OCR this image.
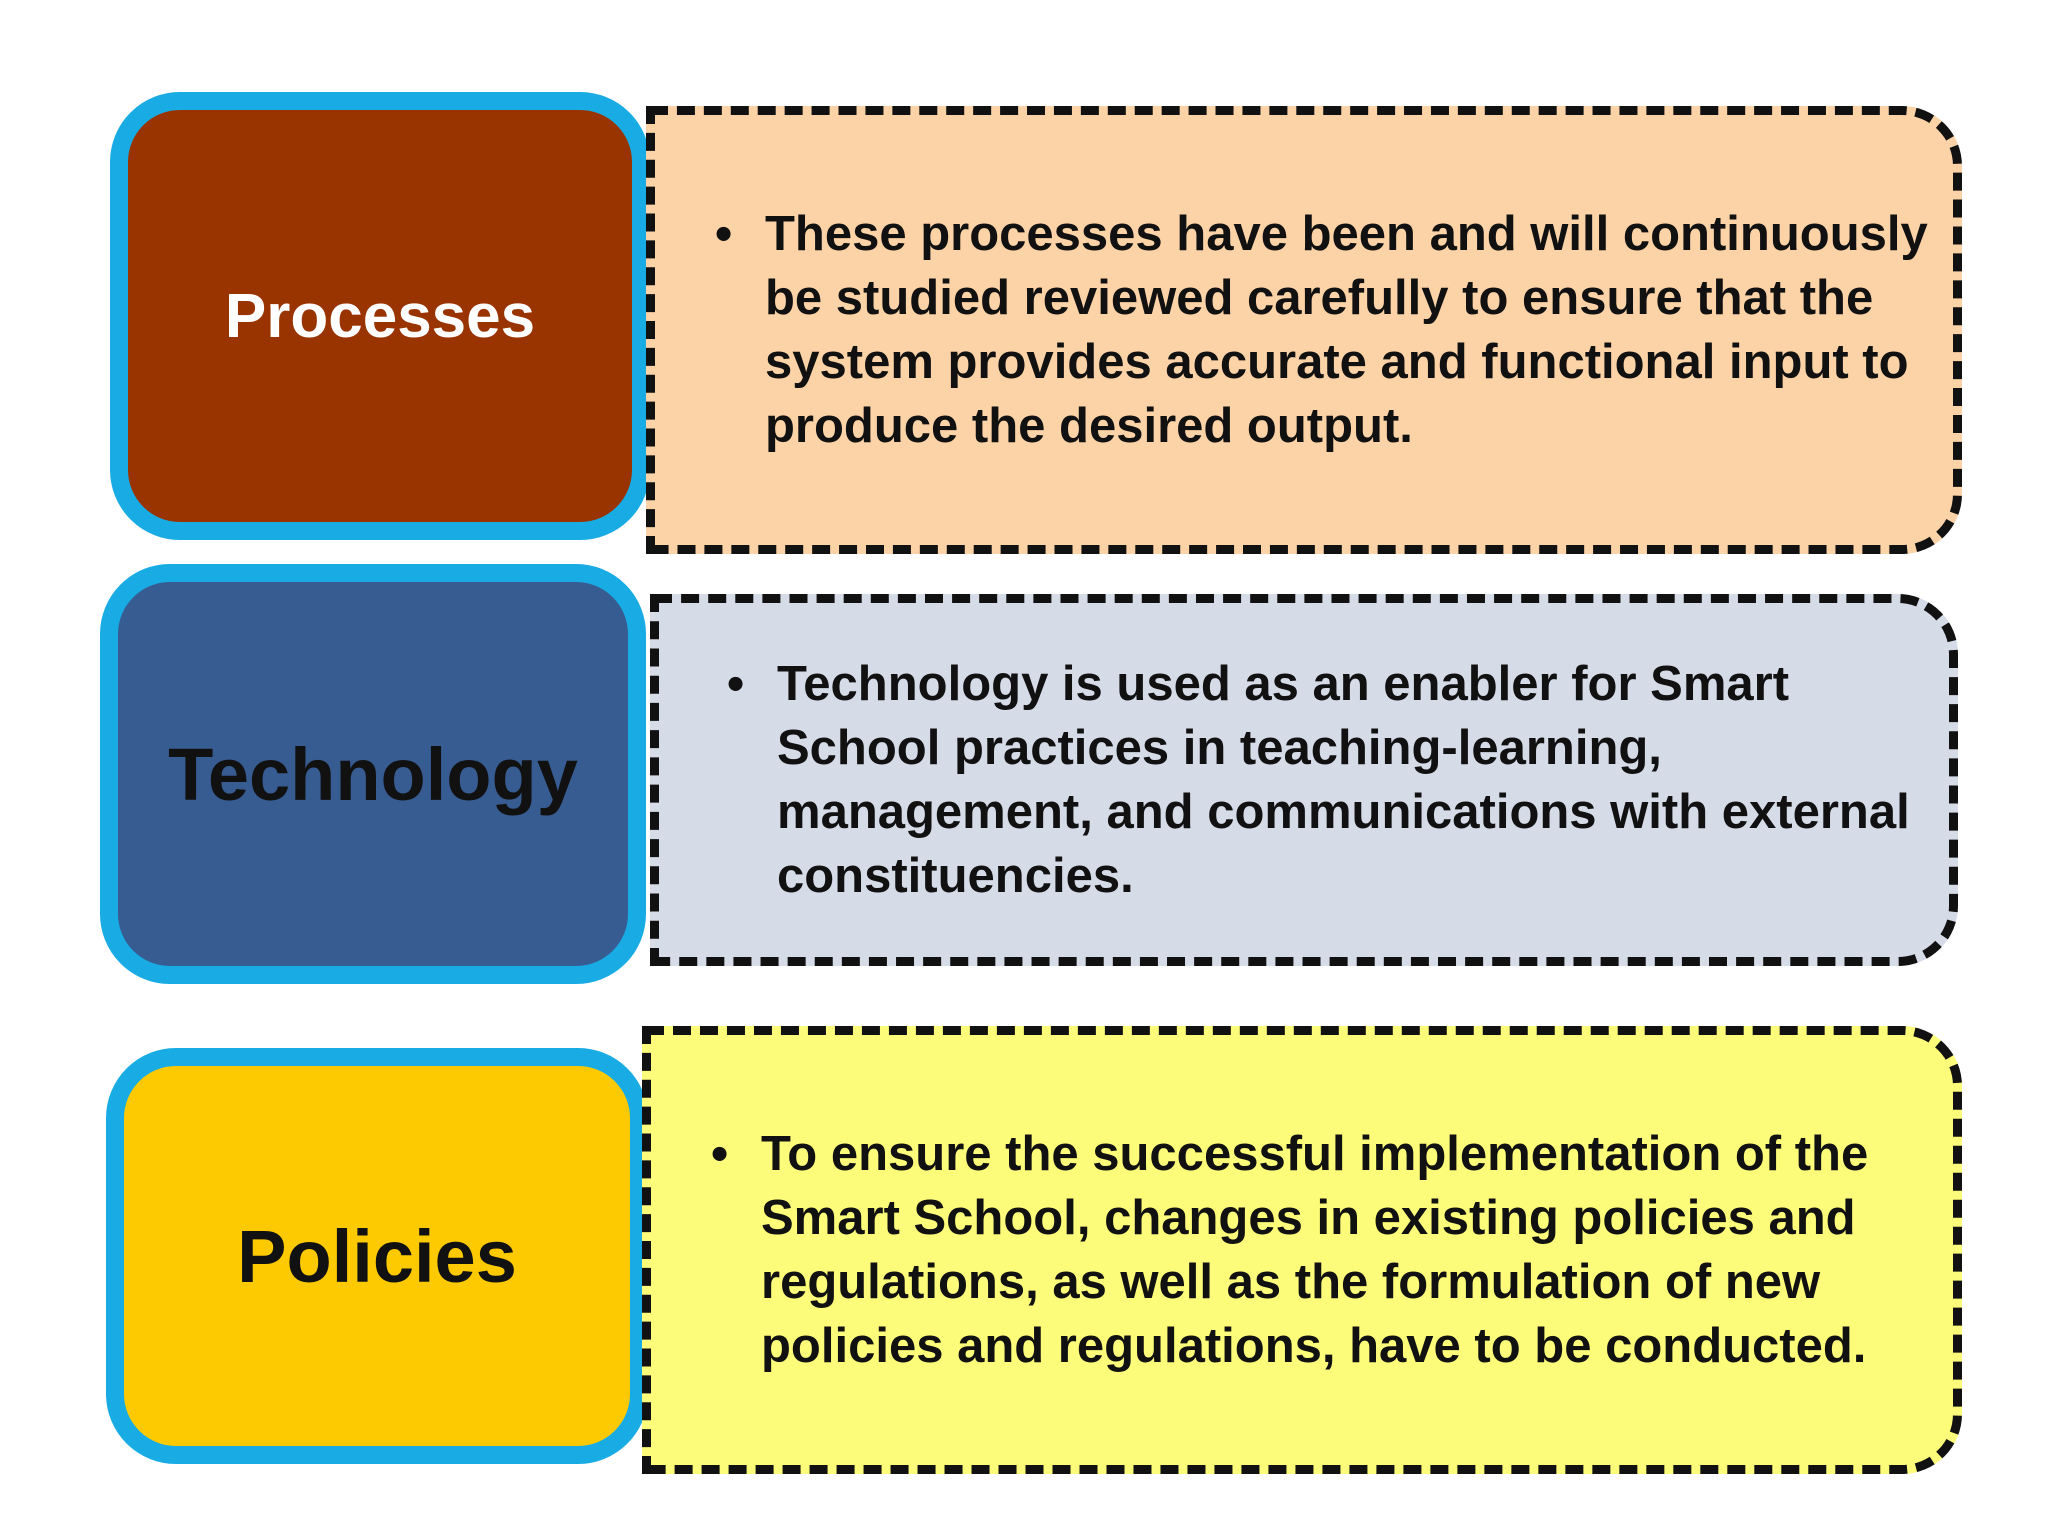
Processes
• These processes have been and will continuously be studied reviewed carefully to ensure that the system provides accurate and functional input to produce the desired output.
Technology
• Technology is used as an enabler for Smart School practices in teaching-learning, management, and communications with external constituencies.
Policies
• To ensure the successful implementation of the Smart School, changes in existing policies and regulations, as well as the formulation of new policies and regulations, have to be conducted.
